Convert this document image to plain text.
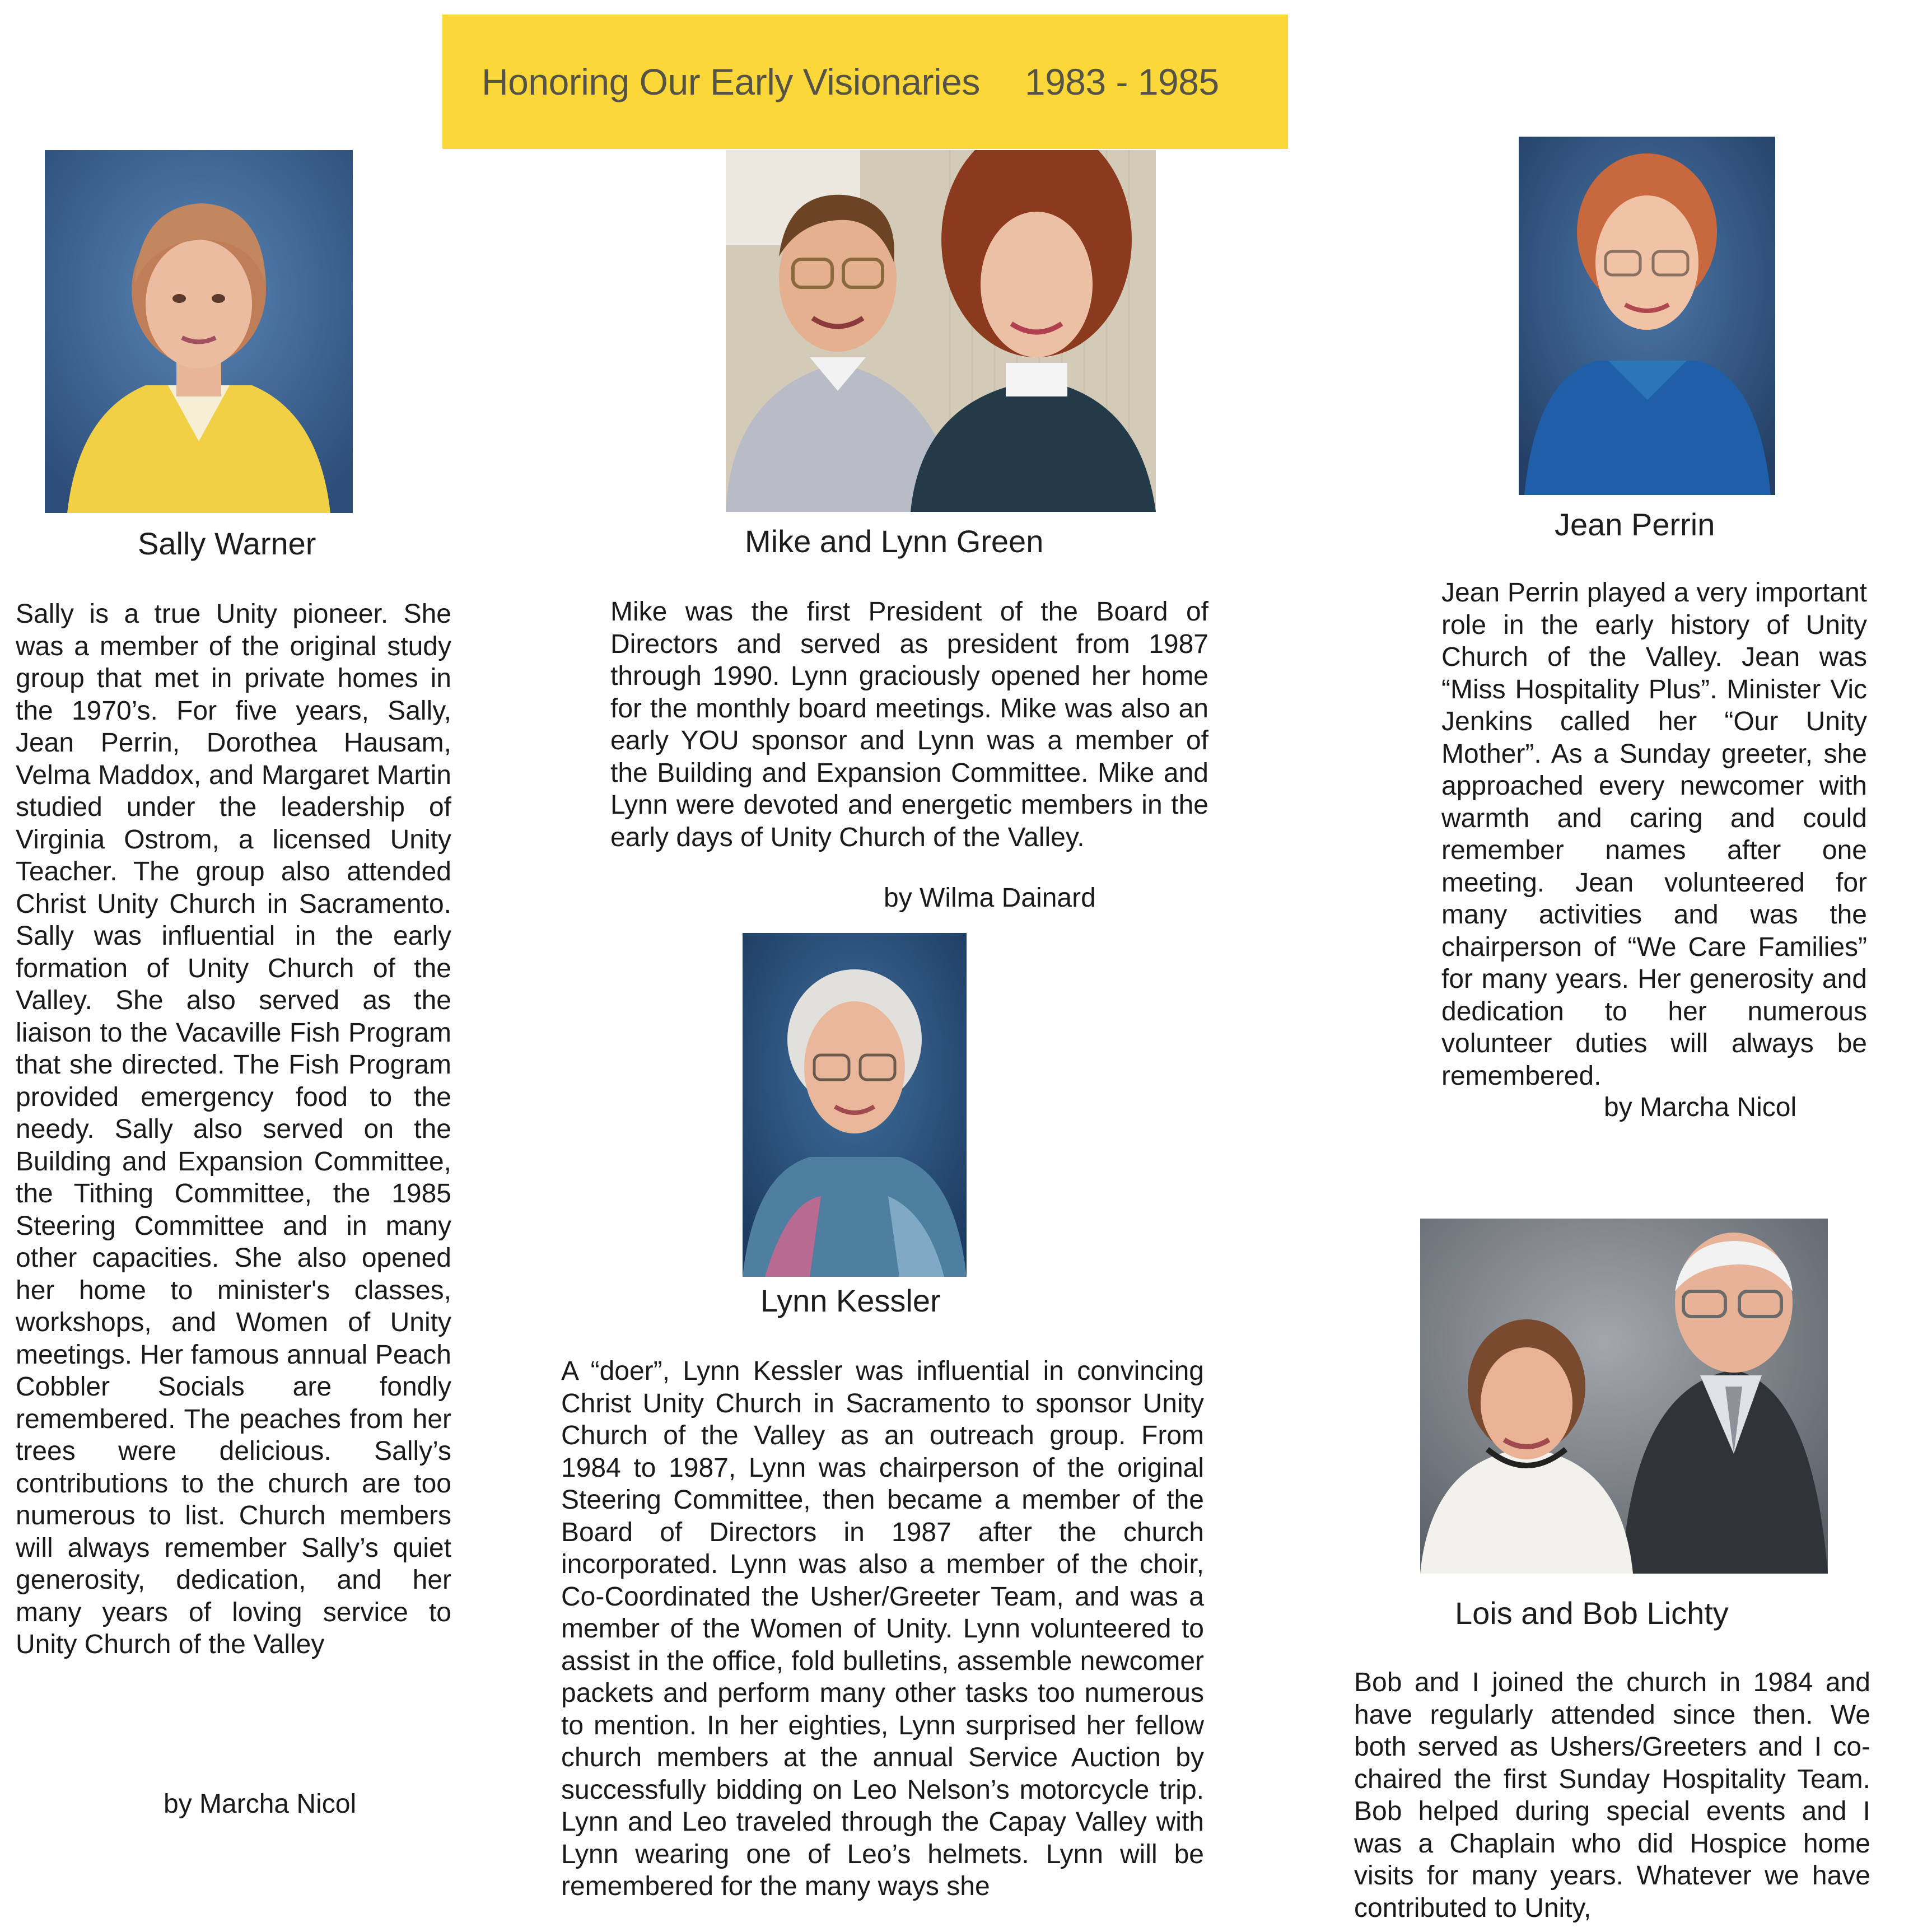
Honoring Our Early Visionaries 1983 - 1985
Sally Warner	Mike and Lynn Green	Jean Perrin
Lynn Kessler
Lois and Bob Lichty
Sally is a true Unity pioneer. She was a member of the original study group that met in private homes in the 1970’s. For five years, Sally, Jean Perrin, Dorothea Hausam, Velma Maddox, and Margaret Martin studied under the leadership of Virginia Ostrom, a licensed Unity Teacher. The group also attended Christ Unity Church in Sacramento. Sally was influential in the early formation of Unity Church of the Valley. She also served as the liaison to the Vacaville Fish Program that she directed. The Fish Program provided emergency food to the needy. Sally also served on the Building and Expansion Committee, the Tithing Committee, the 1985 Steering Committee and in many other capacities. She also opened her home to minister's classes, workshops, and Women of Unity meetings. Her famous annual Peach Cobbler Socials are fondly remembered. The peaches from her trees were delicious. Sally’s contributions to the church are too numerous to list. Church members will always remember Sally’s quiet generosity, dedication, and her many years of loving service to Unity Church of the Valley
Mike was the first President of the Board of Directors and served as president from 1987 through 1990. Lynn graciously opened her home for the monthly board meetings. Mike was also an early YOU sponsor and Lynn was a member of the Building and Expansion Committee. Mike and Lynn were devoted and energetic members in the early days of Unity Church of the Valley.
Jean Perrin played a very important role in the early history of Unity Church of the Valley. Jean was “Miss Hospitality Plus”. Minister Vic Jenkins called her “Our Unity Mother”. As a Sunday greeter, she approached every newcomer with warmth and caring and could remember names after one meeting. Jean volunteered for many activities and was the chairperson of “We Care Families” for many years. Her generosity and dedication to her numerous volunteer duties will always be remembered.
A “doer”, Lynn Kessler was influential in convincing Christ Unity Church in Sacramento to sponsor Unity Church of the Valley as an outreach group. From 1984 to 1987, Lynn was chairperson of the original Steering Committee, then became a member of the Board of Directors in 1987 after the church incorporated. Lynn was also a member of the choir, Co-Coordinated the Usher/Greeter Team, and was a member of the Women of Unity. Lynn volunteered to assist in the office, fold bulletins, assemble newcomer packets and perform many other tasks too numerous to mention. In her eighties, Lynn surprised her fellow church members at the annual Service Auction by successfully bidding on Leo Nelson’s motorcycle trip. Lynn and Leo traveled through the Capay Valley with Lynn wearing one of Leo’s helmets. Lynn will be remembered for the many ways she
Bob and I joined the church in 1984 and have regularly attended since then. We both served as Ushers/Greeters and I co-chaired the first Sunday Hospitality Team. Bob helped during special events and I was a Chaplain who did Hospice home visits for many years. Whatever we have contributed to Unity,
by Marcha Nicol
by Wilma Dainard
by Marcha Nicol
